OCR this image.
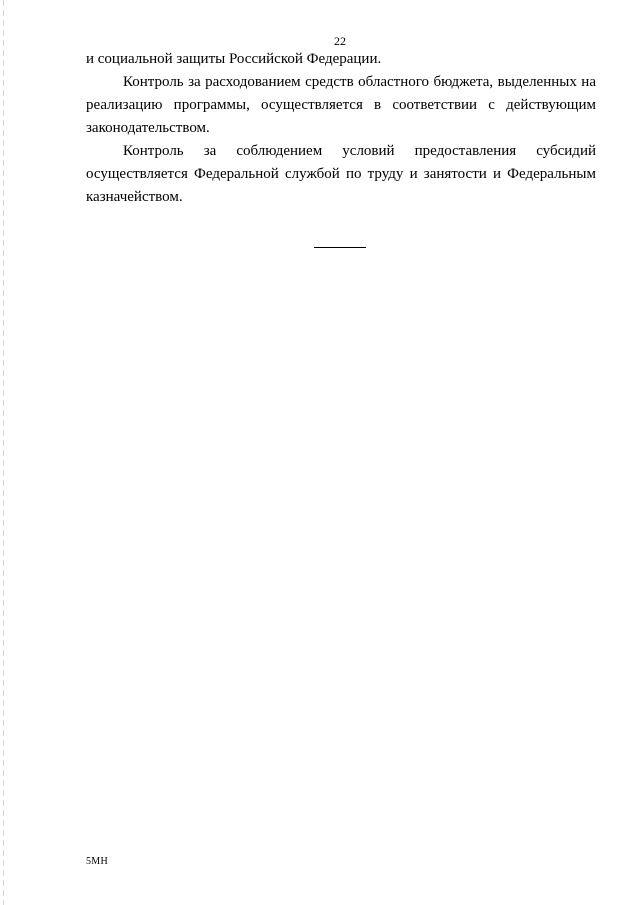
22

и социальной защиты Российской Федерации.

Контроль за расходованием средств областного бюджета, выделенных на реализацию программы, осуществляется в соответствии с действующим законодательством.

Контроль за соблюдением условий предоставления субсидий осуществляется Федеральной службой по труду и занятости и Федеральным казначейством.

5МН
